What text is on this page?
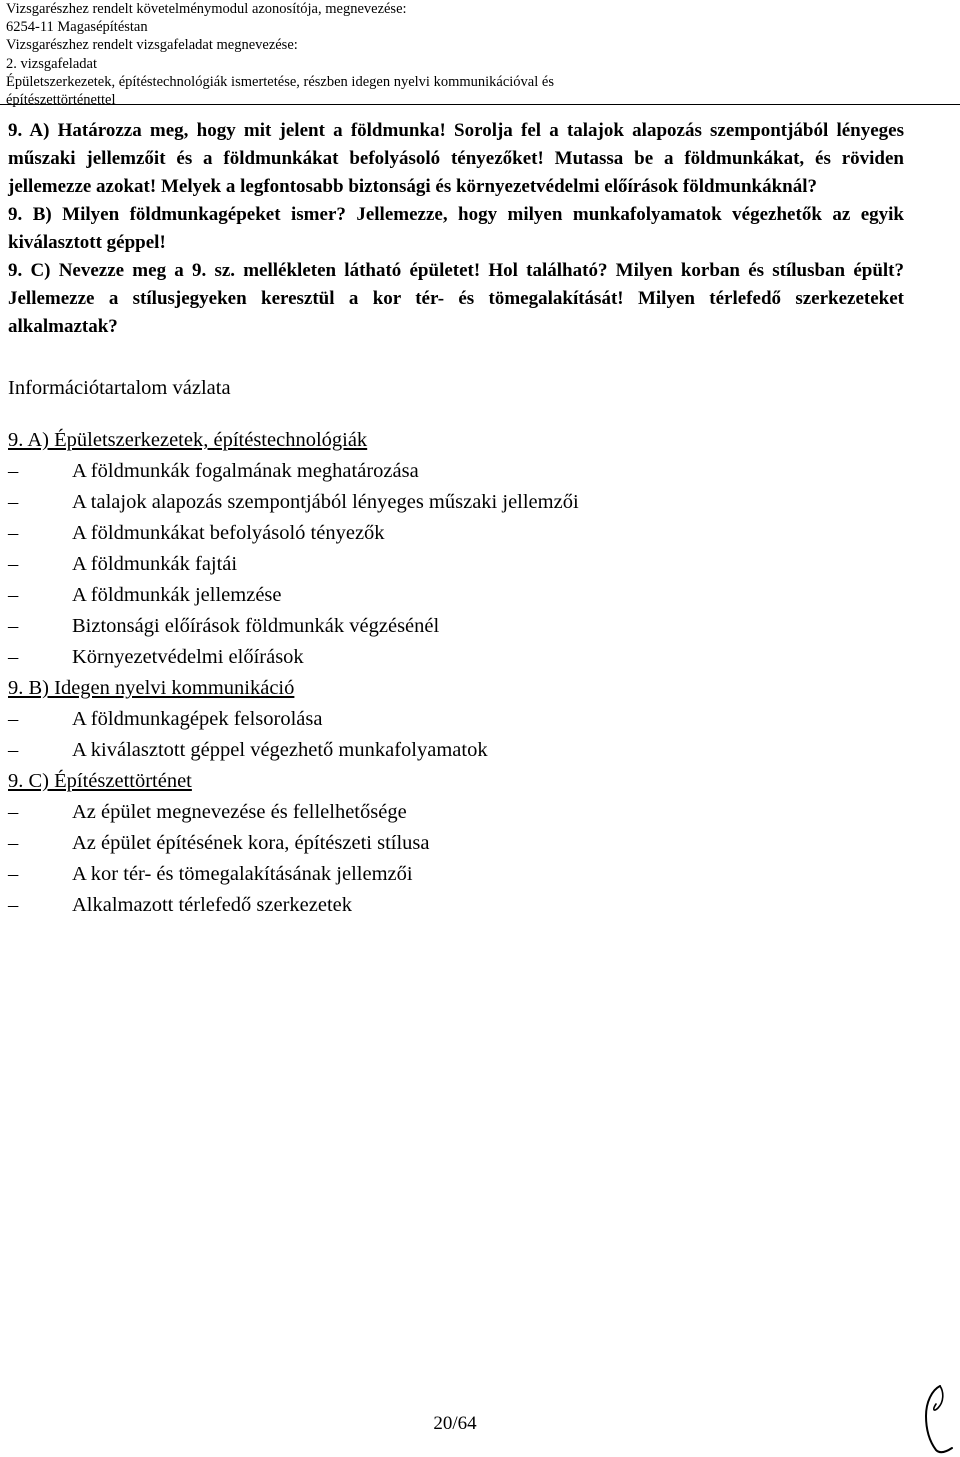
Vizsgarészhez rendelt követelménymodul azonosítója, megnevezése:
6254-11 Magasépítéstan
Vizsgarészhez rendelt vizsgafeladat megnevezése:
2. vizsgafeladat
Épületszerkezetek, építéstechnológiák ismertetése, részben idegen nyelvi kommunikációval és
építészettörténettel

9. A) Határozza meg, hogy mit jelent a földmunka! Sorolja fel a talajok alapozás szempontjából lényeges műszaki jellemzőit és a földmunkákat befolyásoló tényezőket! Mutassa be a földmunkákat, és röviden jellemezze azokat! Melyek a legfontosabb biztonsági és környezetvédelmi előírások földmunkáknál?

9. B) Milyen földmunkagépeket ismer? Jellemezze, hogy milyen munkafolyamatok végezhetők az egyik kiválasztott géppel!

9. C) Nevezze meg a 9. sz. mellékleten látható épületet! Hol található? Milyen korban és stílusban épült? Jellemezze a stílusjegyeken keresztül a kor tér- és tömegalakítását! Milyen térlefedő szerkezeteket alkalmaztak?

Információtartalom vázlata
9. A) Épületszerkezetek, építéstechnológiák
–	A földmunkák fogalmának meghatározása
–	A talajok alapozás szempontjából lényeges műszaki jellemzői
–	A földmunkákat befolyásoló tényezők
–	A földmunkák fajtái
–	A földmunkák jellemzése
–	Biztonsági előírások földmunkák végzésénél
–	Környezetvédelmi előírások
9. B) Idegen nyelvi kommunikáció
–	A földmunkagépek felsorolása
–	A kiválasztott géppel végezhető munkafolyamatok
9. C) Építészettörténet
–	Az épület megnevezése és fellelhetősége
–	Az épület építésének kora, építészeti stílusa
–	A kor tér- és tömegalakításának jellemzői
–	Alkalmazott térlefedő szerkezetek
20/64
